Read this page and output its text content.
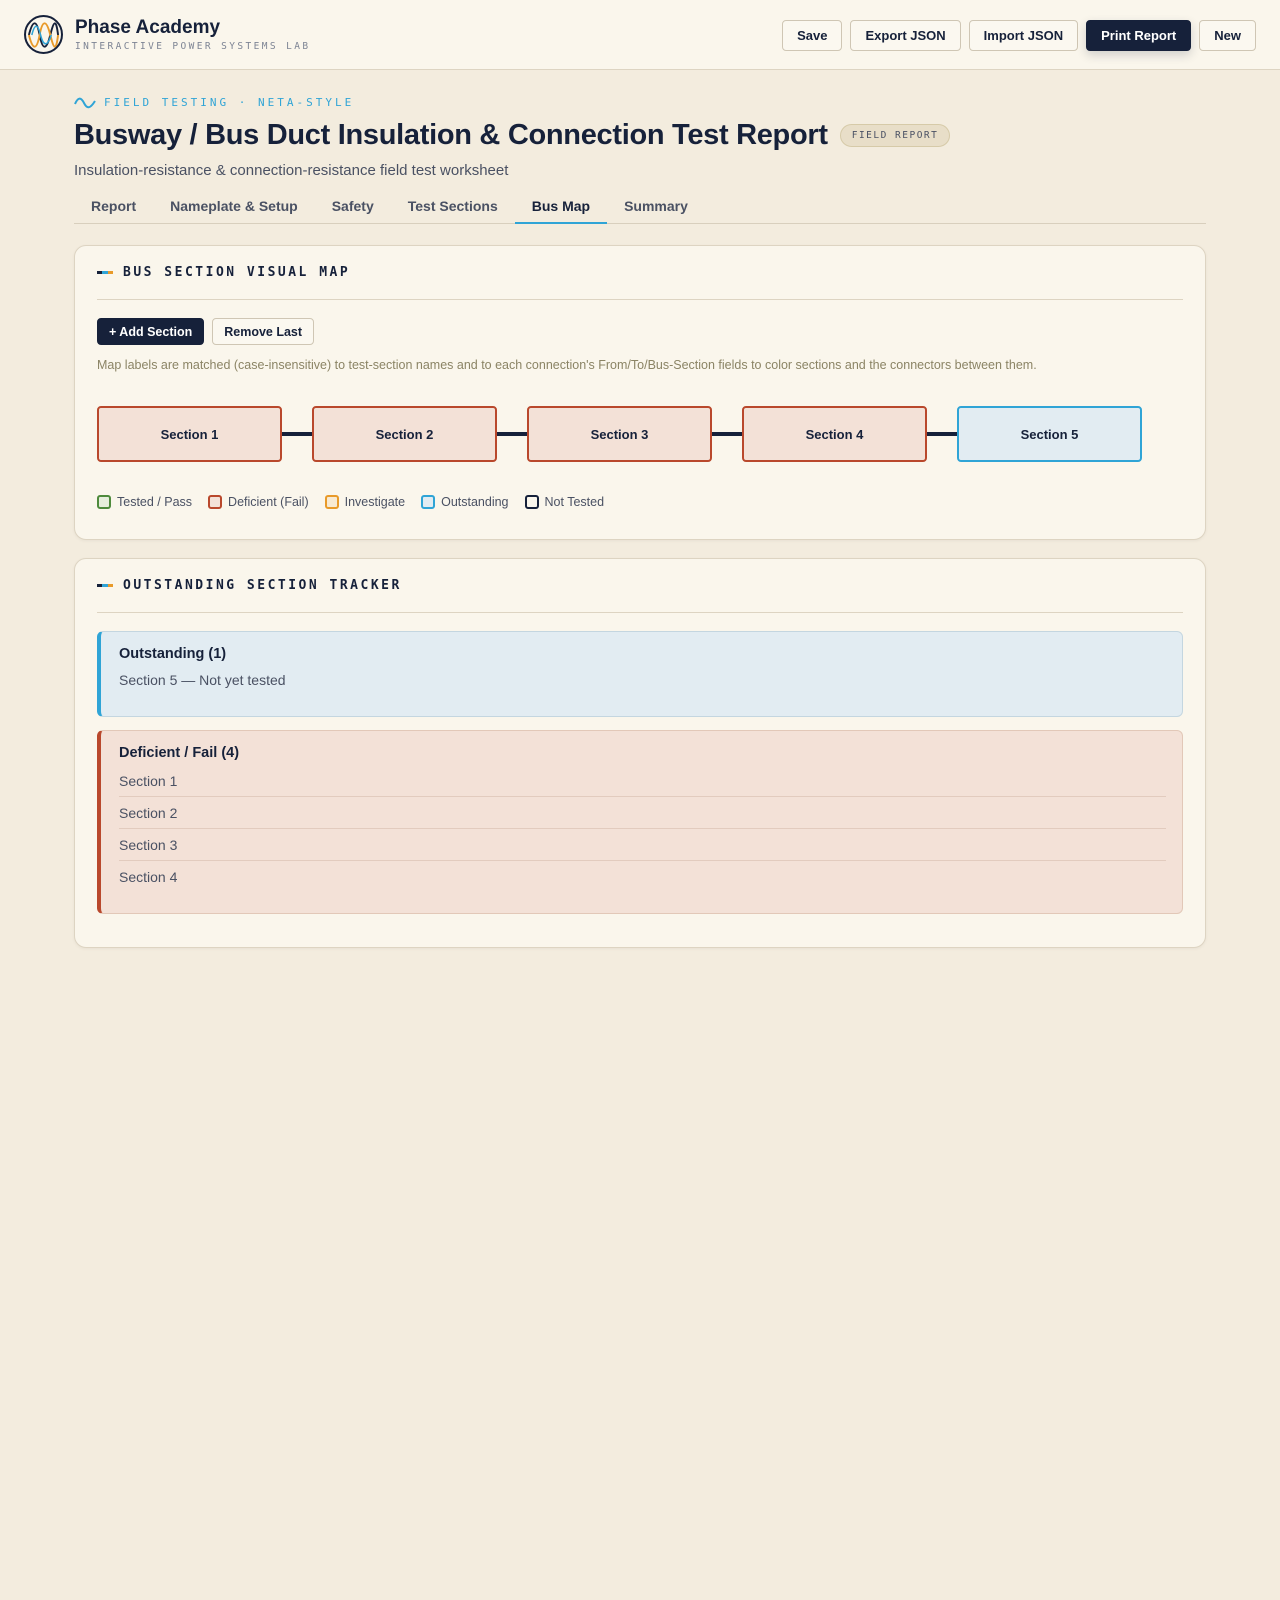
Phase Academy
INTERACTIVE POWER SYSTEMS LAB
Save	Export JSON	Import JSON	Print Report	New
FIELD TESTING · NETA-STYLE
Busway / Bus Duct Insulation & Connection Test Report	FIELD REPORT
Insulation-resistance & connection-resistance field test worksheet
Report	Nameplate & Setup	Safety	Test Sections	Bus Map	Summary
BUS SECTION VISUAL MAP
+ Add Section	Remove Last
Map labels are matched (case-insensitive) to test-section names and to each connection's From/To/Bus-Section fields to color sections and the connectors between them.
Section 1	Section 2	Section 3	Section 4	Section 5
Tested / Pass	Deficient (Fail)	Investigate	Outstanding	Not Tested
OUTSTANDING SECTION TRACKER
Outstanding (1)
Section 5 — Not yet tested
Deficient / Fail (4)
Section 1
Section 2
Section 3
Section 4
